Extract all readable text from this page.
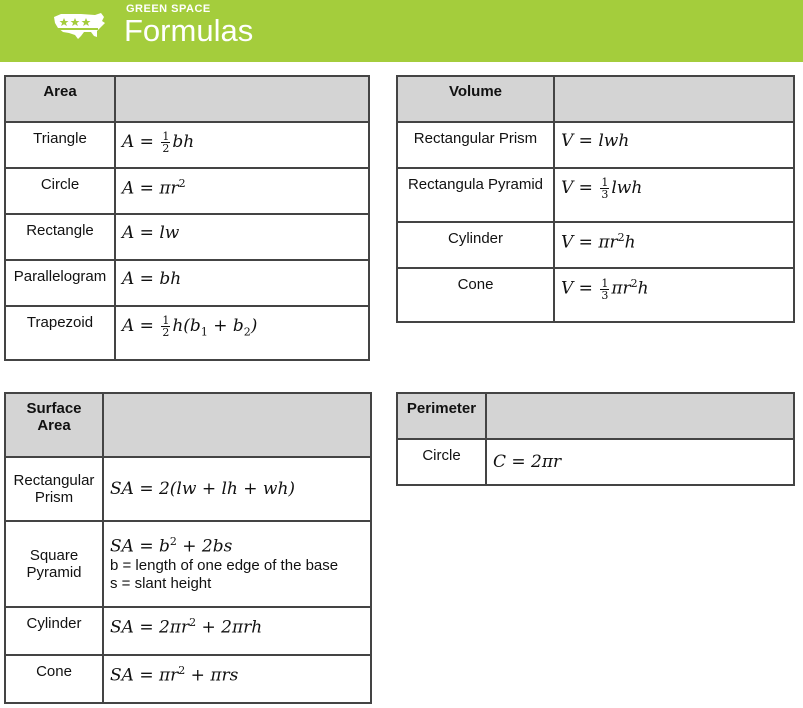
GREEN SPACE
Formulas
Area	
Triangle	$A = \frac{1}{2}$ bh
Circle	$A = \pi r^2$
Rectangle	A = lw
Parallelogram	A = bh
Trapezoid	$A = \frac{1}{2} h(b_1 + b_2)$
Volume	
Rectangular Prism	V = lwh
Rectangula Pyramid	$V = \frac{1}{3}$ lwh
Cylinder	$V = \pi r^2h$
Cone	$V = \frac{1}{3} \pi r^2h$
Surface
Area	
Rectangular
Prism	SA = 2(lw + lh + wh)
Square
Pyramid	SA = $b^2 + 2bs$
b = length of one edge of the base
s = slant height

Cylinder	SA = $2\pi r^2 + 2\pi rh$
Cone	SA = $\pi r^2 + \pi rs$
Perimeter	
Circle	C = 2πr
